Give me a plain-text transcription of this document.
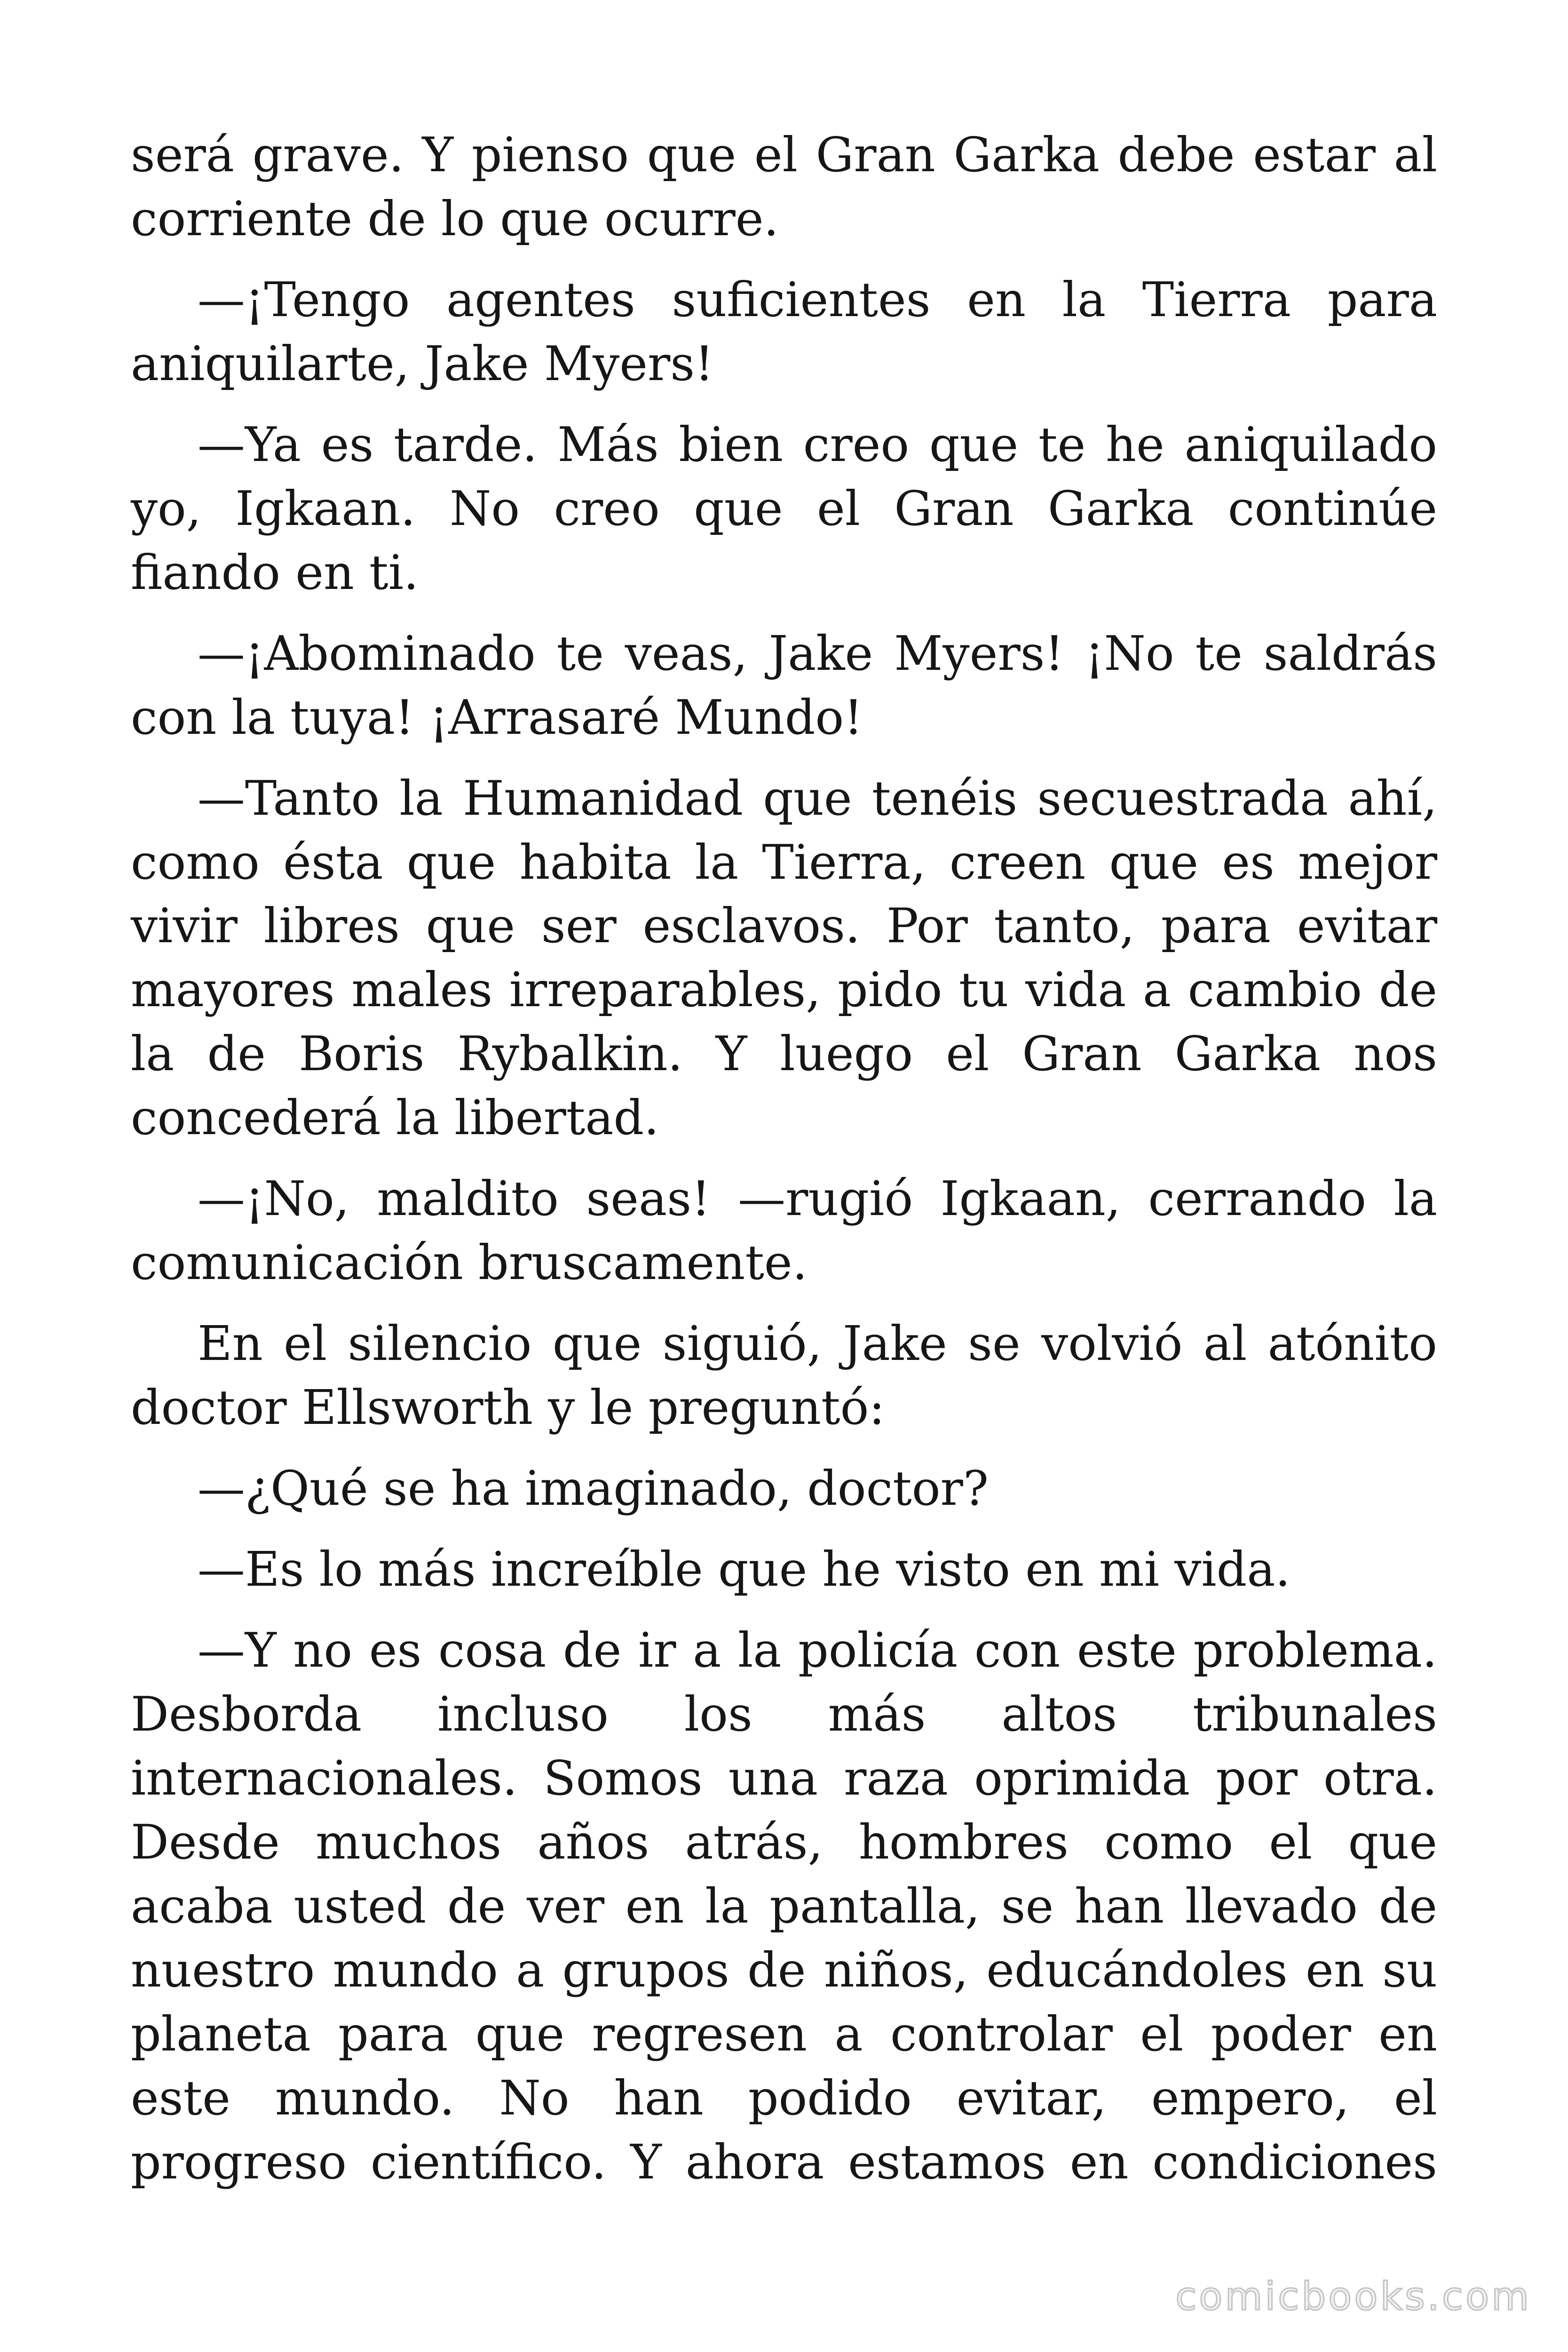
será grave. Y pienso que el Gran Garka debe estar al corriente de lo que ocurre.

—¡Tengo agentes suficientes en la Tierra para aniquilarte, Jake Myers!

—Ya es tarde. Más bien creo que te he aniquilado yo, Igkaan. No creo que el Gran Garka continúe fiando en ti.

—¡Abominado te veas, Jake Myers! ¡No te saldrás con la tuya! ¡Arrasaré Mundo!

—Tanto la Humanidad que tenéis secuestrada ahí, como ésta que habita la Tierra, creen que es mejor vivir libres que ser esclavos. Por tanto, para evitar mayores males irreparables, pido tu vida a cambio de la de Boris Rybalkin. Y luego el Gran Garka nos concederá la libertad.

—¡No, maldito seas! —rugió Igkaan, cerrando la comunicación bruscamente.

En el silencio que siguió, Jake se volvió al atónito doctor Ellsworth y le preguntó:

—¿Qué se ha imaginado, doctor?

—Es lo más increíble que he visto en mi vida.

—Y no es cosa de ir a la policía con este problema. Desborda incluso los más altos tribunales internacionales. Somos una raza oprimida por otra. Desde muchos años atrás, hombres como el que acaba usted de ver en la pantalla, se han llevado de nuestro mundo a grupos de niños, educándoles en su planeta para que regresen a controlar el poder en este mundo. No han podido evitar, empero, el progreso científico. Y ahora estamos en condiciones

comicbooks.com
